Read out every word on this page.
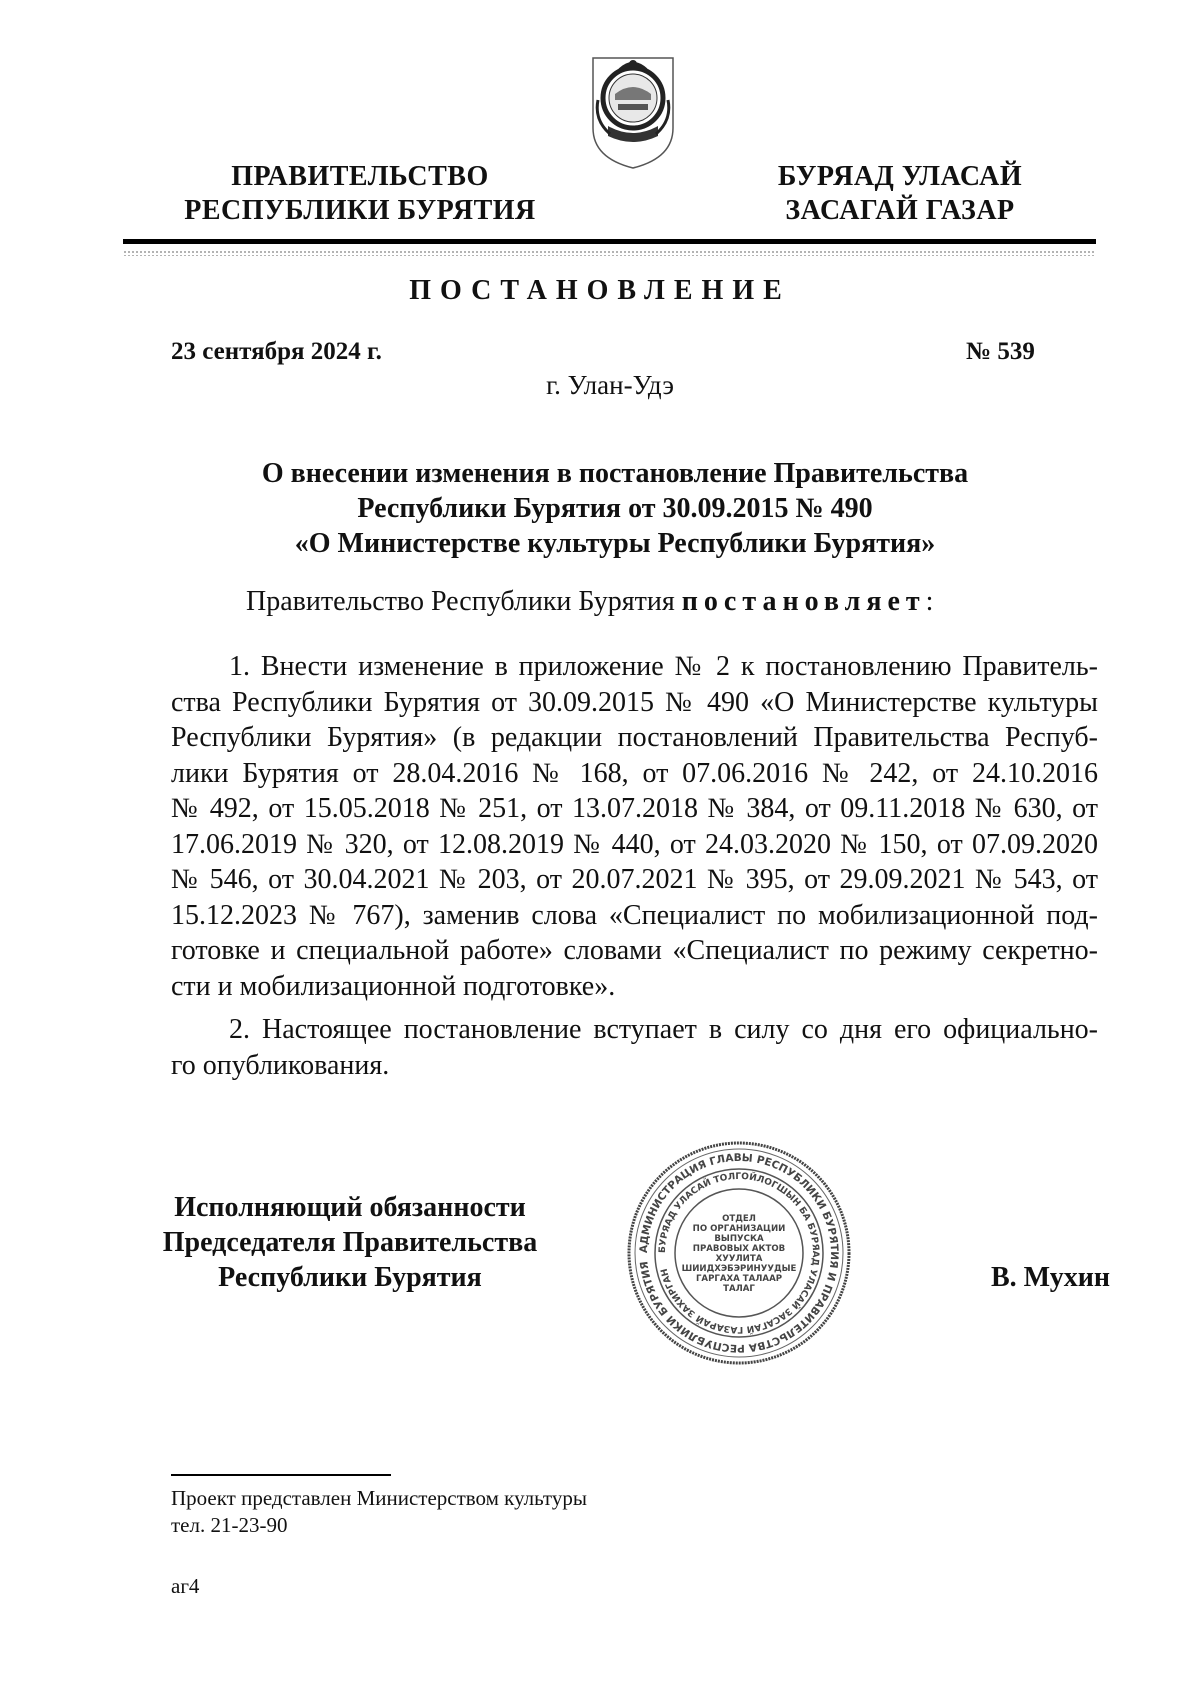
ПРАВИТЕЛЬСТВО
РЕСПУБЛИКИ БУРЯТИЯ
БУРЯАД УЛАСАЙ
ЗАСАГАЙ ГАЗАР
ПОСТАНОВЛЕНИЕ
23 сентября 2024 г.	№ 539
г. Улан-Удэ
О внесении изменения в постановление Правительства
Республики Бурятия от 30.09.2015 № 490
«О Министерстве культуры Республики Бурятия»
Правительство Республики Бурятия постановляет:
1. Внести изменение в приложение № 2 к постановлению Правитель-
ства Республики Бурятия от 30.09.2015 № 490 «О Министерстве культуры
Республики Бурятия» (в редакции постановлений Правительства Респуб-
лики Бурятия от 28.04.2016 № 168, от 07.06.2016 № 242, от 24.10.2016
№ 492, от 15.05.2018 № 251, от 13.07.2018 № 384, от 09.11.2018 № 630, от
17.06.2019 № 320, от 12.08.2019 № 440, от 24.03.2020 № 150, от 07.09.2020
№ 546, от 30.04.2021 № 203, от 20.07.2021 № 395, от 29.09.2021 № 543, от
15.12.2023 № 767), заменив слова «Специалист по мобилизационной под-
готовке и специальной работе» словами «Специалист по режиму секретно-
сти и мобилизационной подготовке».
2. Настоящее постановление вступает в силу со дня его официально-
го опубликования.
Исполняющий обязанности
Председателя Правительства
Республики Бурятия	В. Мухин
АДМИНИСТРАЦИЯ ГЛАВЫ РЕСПУБЛИКИ БУРЯТИЯ И ПРАВИТЕЛЬСТВА РЕСПУБЛИКИ БУРЯТИЯ
БУРЯАД УЛАСАЙ ТОЛГОЙЛОГШЫН БА БУРЯАД УЛАСАЙ ЗАСАГАЙ ГАЗАРАЙ ЗАХИРГАН
ОТДЕЛ
ПО ОРГАНИЗАЦИИ
ВЫПУСКА
ПРАВОВЫХ АКТОВ
ХУУЛИТА
ШИИДХЭБЭРИНУУДЫЕ
ГАРГАХА ТАЛААР
ТАЛАГ
Проект представлен Министерством культуры
тел. 21-23-90
аг4
